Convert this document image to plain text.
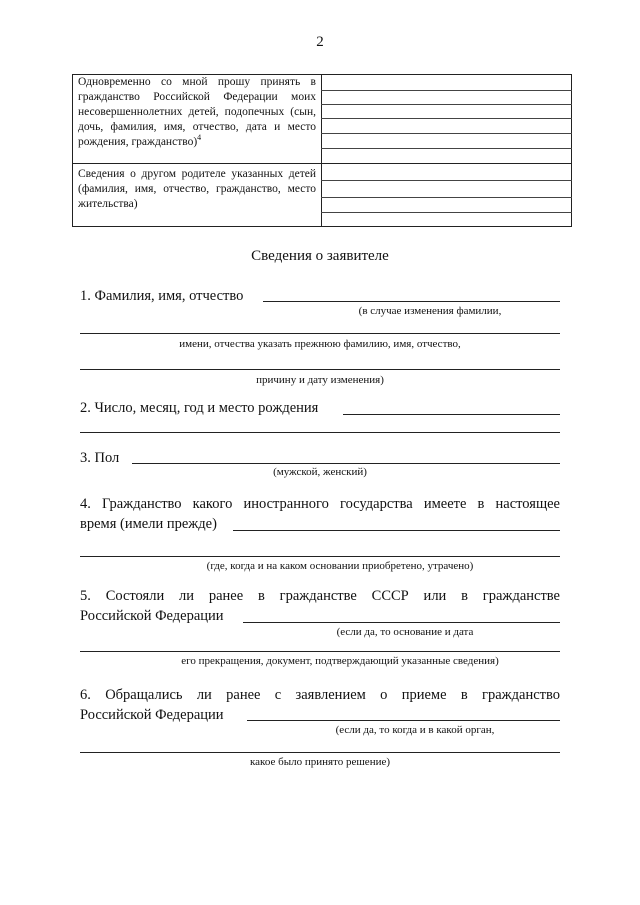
2
Одновременно со мной прошу принять в гражданство Российской Федерации моих несовершеннолетних детей, подопечных (сын, дочь, фамилия, имя, отчество, дата и место рождения, гражданство)$^4$
Сведения о другом родителе указанных детей (фамилия, имя, отчество, гражданство, место жительства)
Сведения о заявителе
1. Фамилия, имя, отчество
(в случае изменения фамилии,
имени, отчества указать прежнюю фамилию, имя, отчество,
причину и дату изменения)
2. Число, месяц, год и место рождения
3. Пол
(мужской, женский)
4. Гражданство какого иностранного государства имеете в настоящее
время (имели прежде)
(где, когда и на каком основании приобретено, утрачено)
5. Состояли ли ранее в гражданстве СССР или в гражданстве
Российской Федерации
(если да, то основание и дата
его прекращения, документ, подтверждающий указанные сведения)
6. Обращались ли ранее с заявлением о приеме в гражданство
Российской Федерации
(если да, то когда и в какой орган,
какое было принято решение)
